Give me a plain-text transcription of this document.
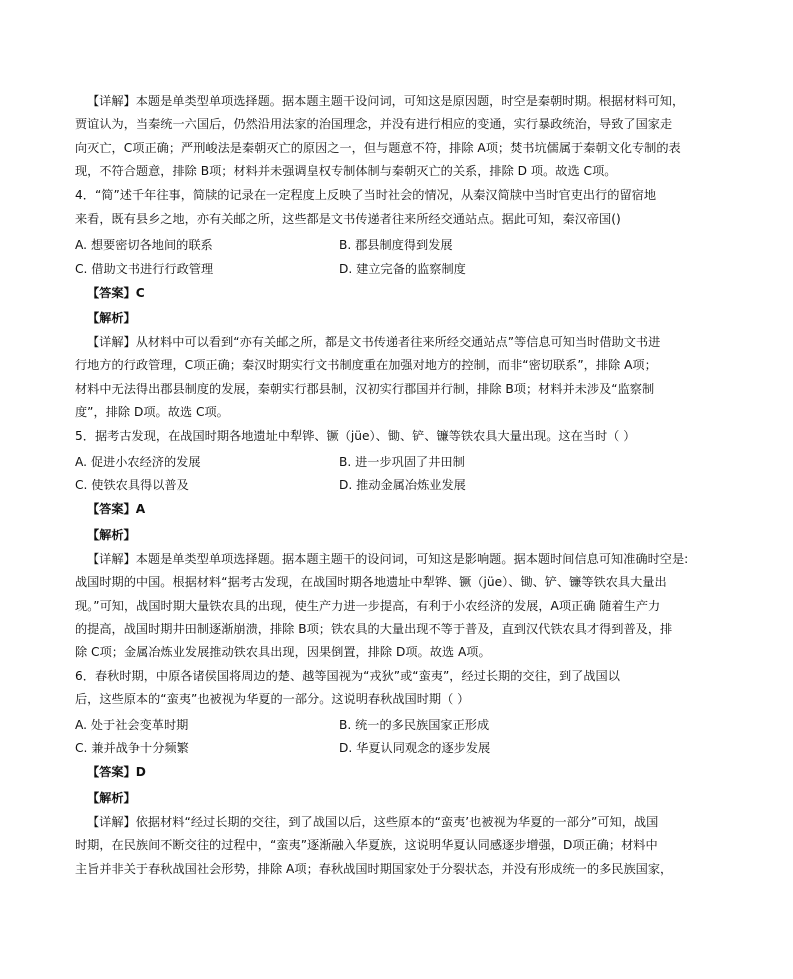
【详解】本题是单类型单项选择题。据本题主题干设问词，可知这是原因题，时空是秦朝时期。根据材料可知，
贾谊认为，当秦统一六国后，仍然沿用法家的治国理念，并没有进行相应的变通，实行暴政统治，导致了国家走
向灭亡，C项正确；严刑峻法是秦朝灭亡的原因之一，但与题意不符，排除 A项；焚书坑儒属于秦朝文化专制的表
现，不符合题意，排除 B项；材料并未强调皇权专制体制与秦朝灭亡的关系，排除 D 项。故选 C项。
4．“简”述千年往事，简牍的记录在一定程度上反映了当时社会的情况，从秦汉简牍中当时官吏出行的留宿地
来看，既有县乡之地，亦有关邮之所，这些都是文书传递者往来所经交通站点。据此可知，秦汉帝国()
A. 想要密切各地间的联系	B. 郡县制度得到发展
C. 借助文书进行行政管理	D. 建立完备的监察制度
【答案】C
【解析】
【详解】从材料中可以看到“亦有关邮之所，都是文书传递者往来所经交通站点”等信息可知当时借助文书进
行地方的行政管理，C项正确；秦汉时期实行文书制度重在加强对地方的控制，而非“密切联系”，排除 A项；
材料中无法得出郡县制度的发展，秦朝实行郡县制，汉初实行郡国并行制，排除 B项；材料并未涉及“监察制
度”，排除 D项。故选 C项。
5．据考古发现，在战国时期各地遗址中犁铧、镢（jüe）、锄、铲、镰等铁农具大量出现。这在当时（ ）
A. 促进小农经济的发展	B. 进一步巩固了井田制
C. 使铁农具得以普及	D. 推动金属冶炼业发展
【答案】A
【解析】
【详解】本题是单类型单项选择题。据本题主题干的设问词，可知这是影响题。据本题时间信息可知准确时空是:
战国时期的中国。根据材料“据考古发现，在战国时期各地遗址中犁铧、镢（jüe）、锄、铲、镰等铁农具大量出
现。”可知，战国时期大量铁农具的出现，使生产力进一步提高，有利于小农经济的发展，A项正确 随着生产力
的提高，战国时期井田制逐渐崩溃，排除 B项；铁农具的大量出现不等于普及，直到汉代铁农具才得到普及，排
除 C项；金属冶炼业发展推动铁农具出现，因果倒置，排除 D项。故选 A项。
6．春秋时期，中原各诸侯国将周边的楚、越等国视为“戎狄”或“蛮夷”，经过长期的交往，到了战国以
后，这些原本的“蛮夷”也被视为华夏的一部分。这说明春秋战国时期（ ）
A. 处于社会变革时期	B. 统一的多民族国家正形成
C. 兼并战争十分频繁	D. 华夏认同观念的逐步发展
【答案】D
【解析】
【详解】依据材料“经过长期的交往，到了战国以后，这些原本的“蛮夷’也被视为华夏的一部分”可知，战国
时期，在民族间不断交往的过程中，“蛮夷”逐渐融入华夏族，这说明华夏认同感逐步增强，D项正确；材料中
主旨并非关于春秋战国社会形势，排除 A项；春秋战国时期国家处于分裂状态，并没有形成统一的多民族国家，
